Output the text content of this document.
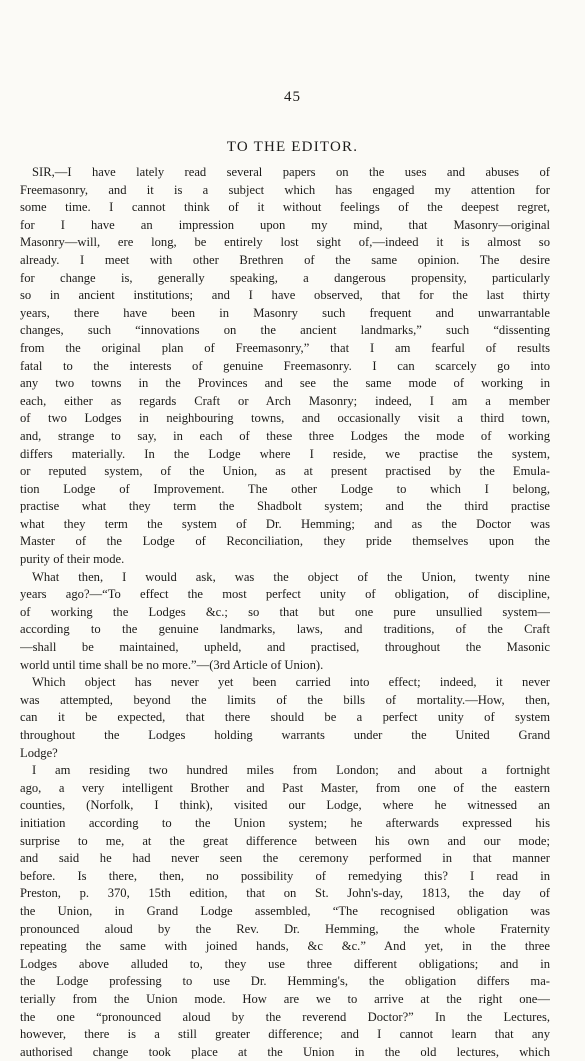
45
TO THE EDITOR.
SIR,—I have lately read several papers on the uses and abuses of
Freemasonry, and it is a subject which has engaged my attention for
some time. I cannot think of it without feelings of the deepest regret,
for I have an impression upon my mind, that Masonry—original
Masonry—will, ere long, be entirely lost sight of,—indeed it is almost so
already. I meet with other Brethren of the same opinion. The desire
for change is, generally speaking, a dangerous propensity, particularly
so in ancient institutions; and I have observed, that for the last thirty
years, there have been in Masonry such frequent and unwarrantable
changes, such “innovations on the ancient landmarks,” such “dissenting
from the original plan of Freemasonry,” that I am fearful of results
fatal to the interests of genuine Freemasonry. I can scarcely go into
any two towns in the Provinces and see the same mode of working in
each, either as regards Craft or Arch Masonry; indeed, I am a member
of two Lodges in neighbouring towns, and occasionally visit a third town,
and, strange to say, in each of these three Lodges the mode of working
differs materially. In the Lodge where I reside, we practise the system,
or reputed system, of the Union, as at present practised by the Emula-
tion Lodge of Improvement. The other Lodge to which I belong,
practise what they term the Shadbolt system; and the third practise
what they term the system of Dr. Hemming; and as the Doctor was
Master of the Lodge of Reconciliation, they pride themselves upon the
purity of their mode.
What then, I would ask, was the object of the Union, twenty nine
years ago?—“To effect the most perfect unity of obligation, of discipline,
of working the Lodges &c.; so that but one pure unsullied system—
according to the genuine landmarks, laws, and traditions, of the Craft
—shall be maintained, upheld, and practised, throughout the Masonic
world until time shall be no more.”—(3rd Article of Union).
Which object has never yet been carried into effect; indeed, it never
was attempted, beyond the limits of the bills of mortality.—How, then,
can it be expected, that there should be a perfect unity of system
throughout the Lodges holding warrants under the United Grand
Lodge?
I am residing two hundred miles from London; and about a fortnight
ago, a very intelligent Brother and Past Master, from one of the eastern
counties, (Norfolk, I think), visited our Lodge, where he witnessed an
initiation according to the Union system; he afterwards expressed his
surprise to me, at the great difference between his own and our mode;
and said he had never seen the ceremony performed in that manner
before. Is there, then, no possibility of remedying this? I read in
Preston, p. 370, 15th edition, that on St. John's-day, 1813, the day of
the Union, in Grand Lodge assembled, “The recognised obligation was
pronounced aloud by the Rev. Dr. Hemming, the whole Fraternity
repeating the same with joined hands, &c &c.” And yet, in the three
Lodges above alluded to, they use three different obligations; and in
the Lodge professing to use Dr. Hemming's, the obligation differs ma-
terially from the Union mode. How are we to arrive at the right one—
the one “pronounced aloud by the reverend Doctor?” In the Lectures,
however, there is a still greater difference; and I cannot learn that any
authorised change took place at the Union in the old lectures, which
